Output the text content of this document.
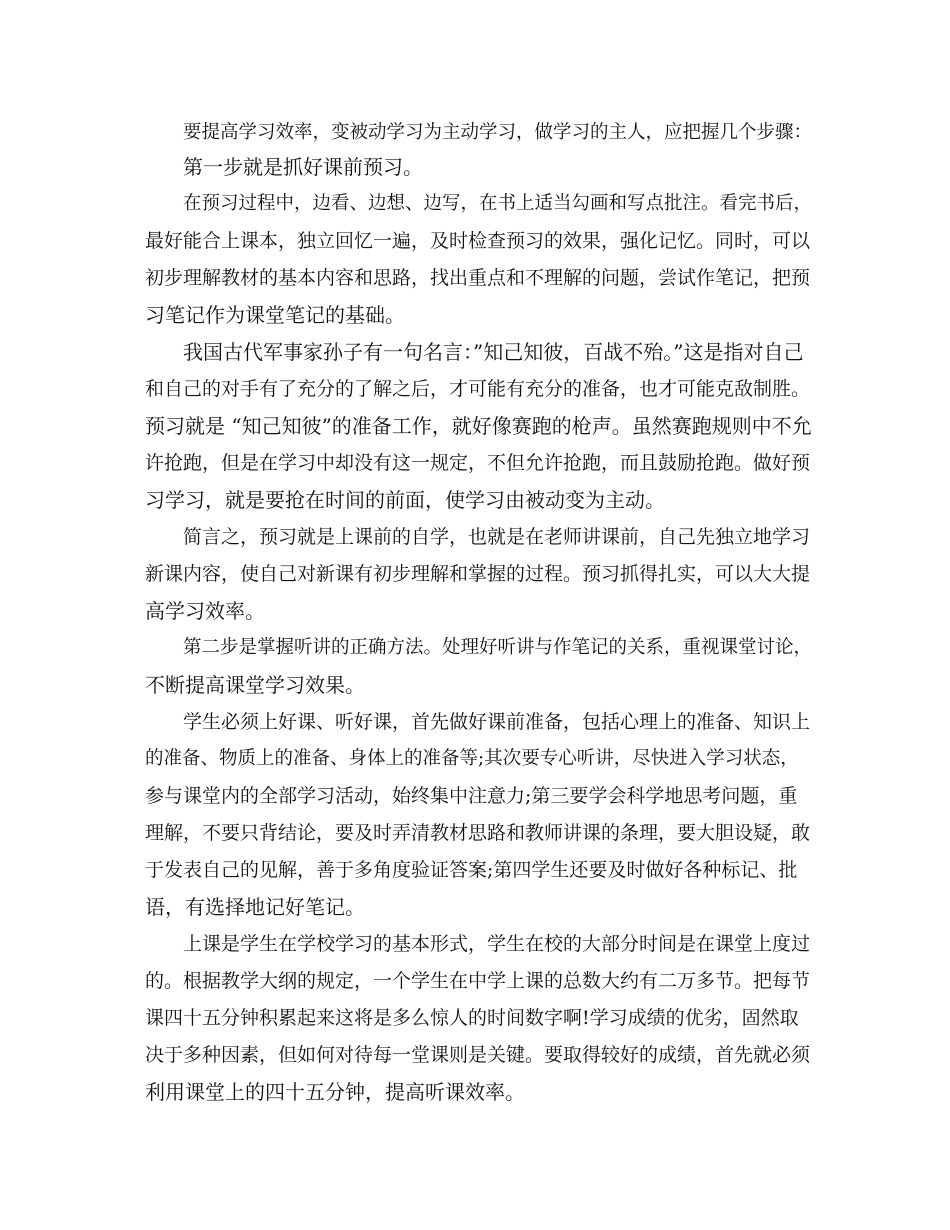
要提高学习效率，变被动学习为主动学习，做学习的主人，应把握几个步骤：
第一步就是抓好课前预习。
在预习过程中，边看、边想、边写，在书上适当勾画和写点批注。看完书后，
最好能合上课本，独立回忆一遍，及时检查预习的效果，强化记忆。同时，可以
初步理解教材的基本内容和思路，找出重点和不理解的问题，尝试作笔记，把预
习笔记作为课堂笔记的基础。
我国古代军事家孙子有一句名言：”知己知彼，百战不殆。”这是指对自己
和自己的对手有了充分的了解之后，才可能有充分的准备，也才可能克敌制胜。
预习就是 “知己知彼”的准备工作，就好像赛跑的枪声。虽然赛跑规则中不允
许抢跑，但是在学习中却没有这一规定，不但允许抢跑，而且鼓励抢跑。做好预
习学习，就是要抢在时间的前面，使学习由被动变为主动。
简言之，预习就是上课前的自学，也就是在老师讲课前，自己先独立地学习
新课内容，使自己对新课有初步理解和掌握的过程。预习抓得扎实，可以大大提
高学习效率。
第二步是掌握听讲的正确方法。处理好听讲与作笔记的关系，重视课堂讨论，
不断提高课堂学习效果。
学生必须上好课、听好课，首先做好课前准备，包括心理上的准备、知识上
的准备、物质上的准备、身体上的准备等;其次要专心听讲，尽快进入学习状态，
参与课堂内的全部学习活动，始终集中注意力;第三要学会科学地思考问题，重
理解，不要只背结论，要及时弄清教材思路和教师讲课的条理，要大胆设疑，敢
于发表自己的见解，善于多角度验证答案;第四学生还要及时做好各种标记、批
语，有选择地记好笔记。
上课是学生在学校学习的基本形式，学生在校的大部分时间是在课堂上度过
的。根据教学大纲的规定，一个学生在中学上课的总数大约有二万多节。把每节
课四十五分钟积累起来这将是多么惊人的时间数字啊!学习成绩的优劣，固然取
决于多种因素，但如何对待每一堂课则是关键。要取得较好的成绩，首先就必须
利用课堂上的四十五分钟，提高听课效率。
